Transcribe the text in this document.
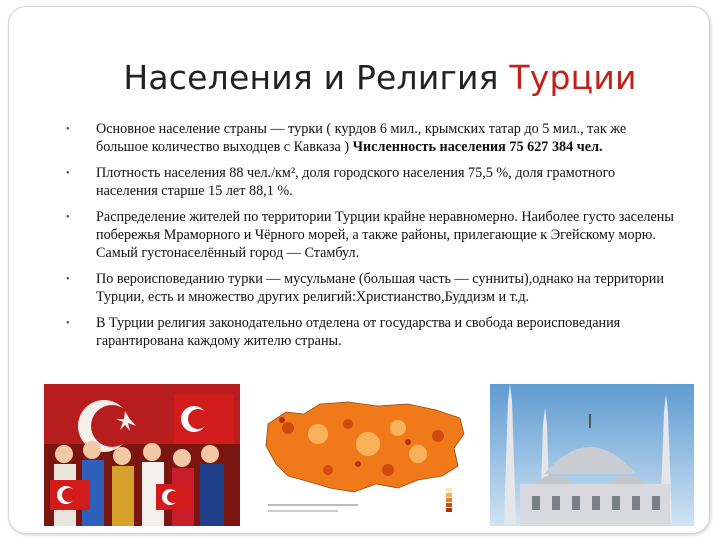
Населения и Религия Турции
• Основное население страны — турки ( курдов 6 мил., крымских татар до 5 мил., так же большое количество выходцев с Кавказа ) Численность населения 75 627 384 чел.
• Плотность населения 88 чел./км², доля городского населения 75,5 %, доля грамотного населения старше 15 лет 88,1 %.
• Распределение жителей по территории Турции крайне неравномерно. Наиболее густо заселены побережья Мраморного и Чёрного морей, а также районы, прилегающие к Эгейскому морю. Самый густонаселённый город — Стамбул.
• По вероисповеданию турки — мусульмане (большая часть — сунниты),однако на территории Турции, есть и множество других религий:Христианство,Буддизм и т.д.
• В Турции религия законодательно отделена от государства и свобода вероисповедания гарантирована каждому жителю страны.
